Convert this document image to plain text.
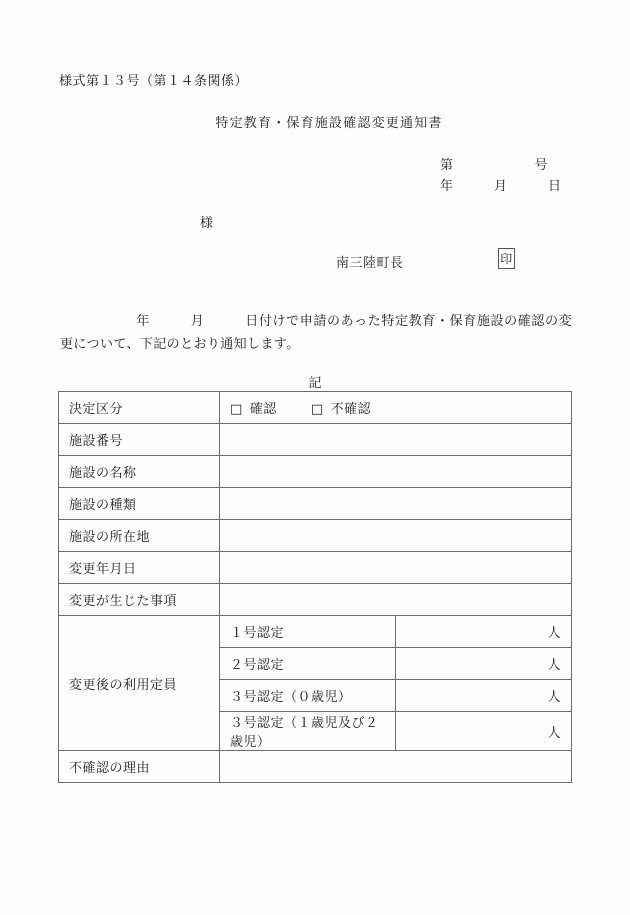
様式第１３号（第１４条関係）
特定教育・保育施設確認変更通知書
第　　　　　　号
年　　　月　　　日
様
南三陸町長	印
年　　　月　　　日付けで申請のあった特定教育・保育施設の確認の変更について、下記のとおり通知します。
記
決定区分	□ 確認 □ 不確認	
施設番号		
施設の名称		
施設の種類		
施設の所在地		
変更年月日		
変更が生じた事項		
変更後の利用定員	１号認定	人
	２号認定	人
	３号認定（０歳児）	人
	３号認定（１歳児及び２歳児）	人
不確認の理由		
